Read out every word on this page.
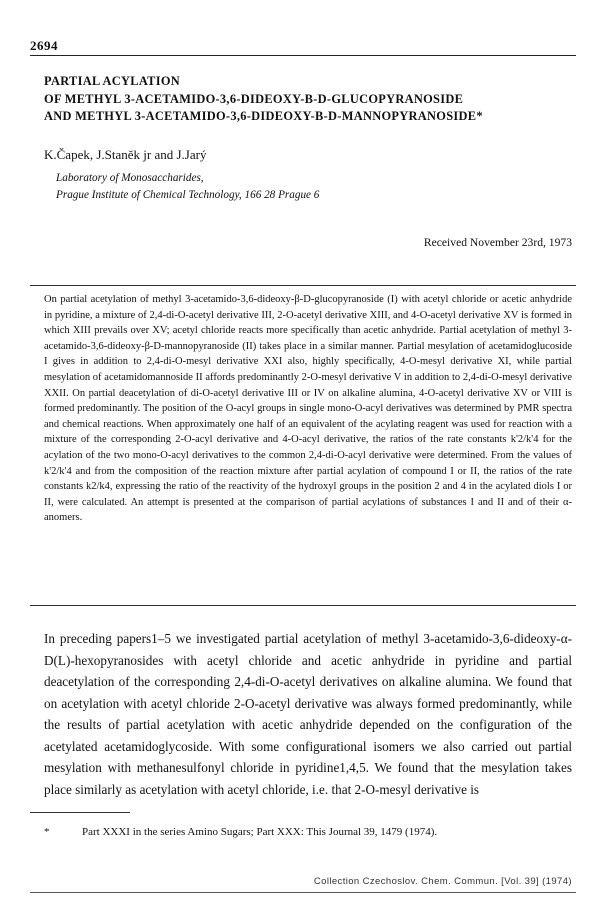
2694
PARTIAL ACYLATION
OF METHYL 3-ACETAMIDO-3,6-DIDEOXY-Β-D-GLUCOPYRANOSIDE
AND METHYL 3-ACETAMIDO-3,6-DIDEOXY-Β-D-MANNOPYRANOSIDE*
K.Čapek, J.Staněk jr and J.Jarý
Laboratory of Monosaccharides,
Prague Institute of Chemical Technology, 166 28 Prague 6
Received November 23rd, 1973

On partial acetylation of methyl 3-acetamido-3,6-dideoxy-β-D-glucopyranoside (I) with acetyl chloride or acetic anhydride in pyridine, a mixture of 2,4-di-O-acetyl derivative III, 2-O-acetyl derivative XIII, and 4-O-acetyl derivative XV is formed in which XIII prevails over XV; acetyl chloride reacts more specifically than acetic anhydride. Partial acetylation of methyl 3-acetamido-3,6-dideoxy-β-D-mannopyranoside (II) takes place in a similar manner. Partial mesylation of acetamidoglucoside I gives in addition to 2,4-di-O-mesyl derivative XXI also, highly specifically, 4-O-mesyl derivative XI, while partial mesylation of acetamidomannoside II affords predominantly 2-O-mesyl derivative V in addition to 2,4-di-O-mesyl derivative XXII. On partial deacetylation of di-O-acetyl derivative III or IV on alkaline alumina, 4-O-acetyl derivative XV or VIII is formed predominantly. The position of the O-acyl groups in single mono-O-acyl derivatives was determined by PMR spectra and chemical reactions. When approximately one half of an equivalent of the acylating reagent was used for reaction with a mixture of the corresponding 2-O-acyl derivative and 4-O-acyl derivative, the ratios of the rate constants k'2/k'4 for the acylation of the two mono-O-acyl derivatives to the common 2,4-di-O-acyl derivative were determined. From the values of k'2/k'4 and from the composition of the reaction mixture after partial acylation of compound I or II, the ratios of the rate constants k2/k4, expressing the ratio of the reactivity of the hydroxyl groups in the position 2 and 4 in the acylated diols I or II, were calculated. An attempt is presented at the comparison of partial acylations of substances I and II and of their α-anomers.

In preceding papers1–5 we investigated partial acetylation of methyl 3-acetamido-3,6-dideoxy-α-D(L)-hexopyranosides with acetyl chloride and acetic anhydride in pyridine and partial deacetylation of the corresponding 2,4-di-O-acetyl derivatives on alkaline alumina. We found that on acetylation with acetyl chloride 2-O-acetyl derivative was always formed predominantly, while the results of partial acetylation with acetic anhydride depended on the configuration of the acetylated acetamidoglycoside. With some configurational isomers we also carried out partial mesylation with methanesulfonyl chloride in pyridine1,4,5. We found that the mesylation takes place similarly as acetylation with acetyl chloride, i.e. that 2-O-mesyl derivative is

*	Part XXXI in the series Amino Sugars; Part XXX: This Journal 39, 1479 (1974).
Collection Czechoslov. Chem. Commun. [Vol. 39] (1974)
